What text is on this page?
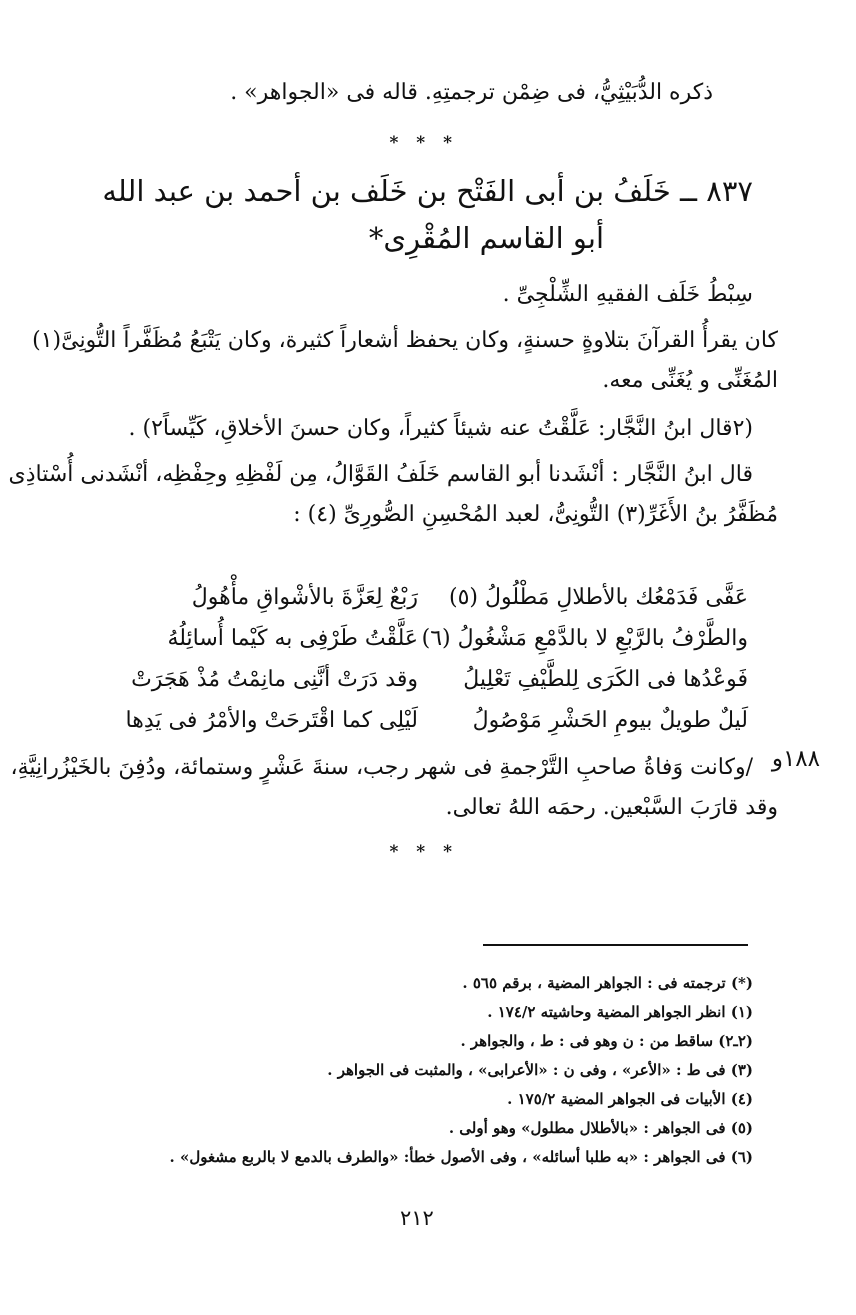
ذكره الدُّبَيْثِيُّ، فى ضِمْن ترجمتِهِ. قاله فى «الجواهر» .
* * *
٨٣٧ ــ خَلَفُ بن أبى الفَتْح بن خَلَف بن أحمد بن عبد الله
أبو القاسم المُقْرِى*
سِبْطُ خَلَف الفقيهِ الشِّلْجِىِّ .
كان يقرأُ القرآنَ بتلاوةٍ حسنةٍ، وكان يحفظ أشعاراً كثيرة، وكان يَتْبَعُ مُظَفَّراً التُّونِىَّ(١)
المُغَنِّى و يُغَنِّى معه.
(٢قال ابنُ النَّجَّار: عَلَّقْتُ عنه شيئاً كثيراً، وكان حسنَ الأخلاقِ، كَيِّساً٢) .
قال ابنُ النَّجَّار : أنْشَدنا أبو القاسم خَلَفُ القَوَّالُ، مِن لَفْظِهِ وحِفْظِه، أنْشَدنى أُسْتاذِى
مُظَفَّرُ بنُ الأَغَرِّ(٣) التُّونِىُّ، لعبد المُحْسِنِ الصُّورِىِّ (٤) :
رَبْعٌ لِعَزَّةَ بالأشْواقِ مأْهُولُ عَفَّى فَدَمْعُك بالأطلالِ مَطْلُولُ (٥)
عَلَّقْتُ طَرْفِى به كَيْما أُسائِلُهُ والطَّرْفُ بالرَّبْعِ لا بالدَّمْعِ مَشْغُولُ (٦)
وقد دَرَتْ أنَّنِى مانِمْتُ مُذْ هَجَرَتْ فَوعْدُها فى الكَرَى لِلطَّيْفِ تَعْلِيلُ
لَيْلِى كما اقْتَرحَتْ والأمْرُ فى يَدِها لَيلٌ طويلٌ بيومِ الحَشْرِ مَوْصُولُ
١٨٨و
/وكانت وَفاةُ صاحبِ التَّرْجمةِ فى شهر رجب، سنةَ عَشْرٍ وستمائة، ودُفِنَ بالخَيْزُرانِيَّةِ،
وقد قارَبَ السَّبْعين. رحمَه اللهُ تعالى.
* * *
(*) ترجمته فى : الجواهر المضية ، برقم ٥٦٥ .
(١) انظر الجواهر المضية وحاشيته ١٧٤/٢ .
(٢ـ٢) ساقط من : ن وهو فى : ط ، والجواهر .
(٣) فى ط : «الأعر» ، وفى ن : «الأعرابى» ، والمثبت فى الجواهر .
(٤) الأبيات فى الجواهر المضية ١٧٥/٢ .
(٥) فى الجواهر : «بالأطلال مطلول» وهو أولى .
(٦) فى الجواهر : «به طلبا أسائله» ، وفى الأصول خطأ: «والطرف بالدمع لا بالربع مشغول» .
٢١٢
